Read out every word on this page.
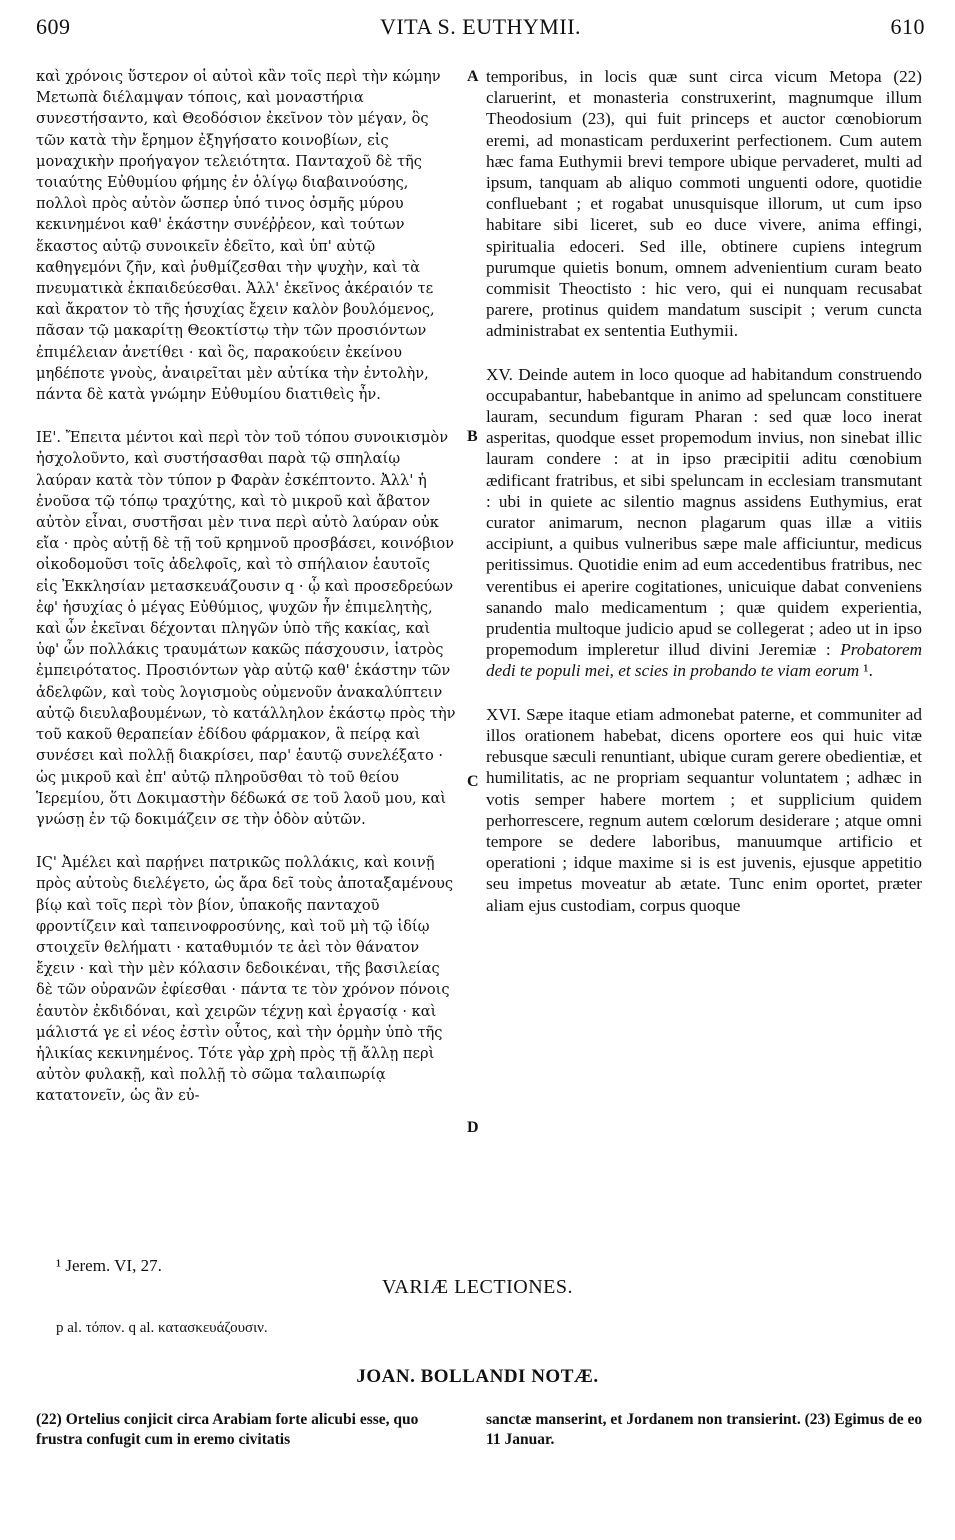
609	VITA S. EUTHYMII.	610

καὶ χρόνοις ὕστερον οἱ αὐτοὶ κἂν τοῖς περὶ τὴν κώμην Μετωπὰ διέλαμψαν τόποις, καὶ μοναστήρια συνεστήσαντο, καὶ Θεοδόσιον ἐκεῖνον τὸν μέγαν, ὃς τῶν κατὰ τὴν ἔρημον ἐξηγήσατο κοινοβίων, εἰς μοναχικὴν προήγαγον τελειότητα. Πανταχοῦ δὲ τῆς τοιαύτης Εὐθυμίου φήμης ἐν ὀλίγῳ διαβαινούσης, πολλοὶ πρὸς αὐτὸν ὥσπερ ὑπό τινος ὀσμῆς μύρου κεκινημένοι καθ' ἑκάστην συνέῤῥεον, καὶ τούτων ἕκαστος αὐτῷ συνοικεῖν ἐδεῖτο, καὶ ὑπ' αὐτῷ καθηγεμόνι ζῆν, καὶ ῥυθμίζεσθαι τὴν ψυχὴν, καὶ τὰ πνευματικὰ ἐκπαιδεύεσθαι. Ἀλλ' ἐκεῖνος ἀκέραιόν τε καὶ ἄκρατον τὸ τῆς ἡσυχίας ἔχειν καλὸν βουλόμενος, πᾶσαν τῷ μακαρίτῃ Θεοκτίστῳ τὴν τῶν προσιόντων ἐπιμέλειαν ἀνετίθει · καὶ ὃς, παρακούειν ἐκείνου μηδέποτε γνοὺς, ἀναιρεῖται μὲν αὐτίκα τὴν ἐντολὴν, πάντα δὲ κατὰ γνώμην Εὐθυμίου διατιθεὶς ἦν.

ΙΕ'. Ἔπειτα μέντοι καὶ περὶ τὸν τοῦ τόπου συνοικισμὸν ἠσχολοῦντο, καὶ συστήσασθαι παρὰ τῷ σπηλαίῳ λαύραν κατὰ τὸν τύπον p Φαρὰν ἐσκέπτοντο. Ἀλλ' ἡ ἐνοῦσα τῷ τόπῳ τραχύτης, καὶ τὸ μικροῦ καὶ ἄβατον αὐτὸν εἶναι, συστῆσαι μὲν τινα περὶ αὐτὸ λαύραν οὐκ εἴα · πρὸς αὐτῇ δὲ τῇ τοῦ κρημνοῦ προσβάσει, κοινόβιον οἰκοδομοῦσι τοῖς ἀδελφοῖς, καὶ τὸ σπήλαιον ἑαυτοῖς εἰς Ἐκκλησίαν μετασκευάζουσιν q · ᾧ καὶ προσεδρεύων ἐφ' ἡσυχίας ὁ μέγας Εὐθύμιος, ψυχῶν ἦν ἐπιμελητὴς, καὶ ὧν ἐκεῖναι δέχονται πληγῶν ὑπὸ τῆς κακίας, καὶ ὑφ' ὧν πολλάκις τραυμάτων κακῶς πάσχουσιν, ἰατρὸς ἐμπειρότατος. Προσιόντων γὰρ αὐτῷ καθ' ἑκάστην τῶν ἀδελφῶν, καὶ τοὺς λογισμοὺς οὐμενοῦν ἀνακαλύπτειν αὐτῷ διευλαβουμένων, τὸ κατάλληλον ἑκάστῳ πρὸς τὴν τοῦ κακοῦ θεραπείαν ἐδίδου φάρμακον, ἃ πείρᾳ καὶ συνέσει καὶ πολλῇ διακρίσει, παρ' ἑαυτῷ συνελέξατο · ὡς μικροῦ καὶ ἐπ' αὐτῷ πληροῦσθαι τὸ τοῦ θείου Ἱερεμίου, ὅτι Δοκιμαστὴν δέδωκά σε τοῦ λαοῦ μου, καὶ γνώσῃ ἐν τῷ δοκιμάζειν σε τὴν ὁδὸν αὐτῶν.

ΙϚ' Ἀμέλει καὶ παρῄνει πατρικῶς πολλάκις, καὶ κοινῇ πρὸς αὐτοὺς διελέγετο, ὡς ἄρα δεῖ τοὺς ἀποταξαμένους βίῳ καὶ τοῖς περὶ τὸν βίον, ὑπακοῆς πανταχοῦ φροντίζειν καὶ ταπεινοφροσύνης, καὶ τοῦ μὴ τῷ ἰδίῳ στοιχεῖν θελήματι · καταθυμιόν τε ἀεὶ τὸν θάνατον ἔχειν · καὶ τὴν μὲν κόλασιν δεδοικέναι, τῆς βασιλείας δὲ τῶν οὐρανῶν ἐφίεσθαι · πάντα τε τὸν χρόνον πόνοις ἑαυτὸν ἐκδιδόναι, καὶ χειρῶν τέχνῃ καὶ ἐργασίᾳ · καὶ μάλιστά γε εἰ νέος ἐστὶν οὗτος, καὶ τὴν ὁρμὴν ὑπὸ τῆς ἡλικίας κεκινημένος. Τότε γὰρ χρὴ πρὸς τῇ ἄλλῃ περὶ αὐτὸν φυλακῇ, καὶ πολλῇ τὸ σῶμα ταλαιπωρίᾳ κατατονεῖν, ὡς ἂν εὐ-

A
B
C
D

temporibus, in locis quæ sunt circa vicum Metopa (22) claruerint, et monasteria construxerint, magnumque illum Theodosium (23), qui fuit princeps et auctor cœnobiorum eremi, ad monasticam perduxerint perfectionem. Cum autem hæc fama Euthymii brevi tempore ubique pervaderet, multi ad ipsum, tanquam ab aliquo commoti unguenti odore, quotidie confluebant ; et rogabat unusquisque illorum, ut cum ipso habitare sibi liceret, sub eo duce vivere, anima effingi, spiritualia edoceri. Sed ille, obtinere cupiens integrum purumque quietis bonum, omnem advenientium curam beato commisit Theoctisto : hic vero, qui ei nunquam recusabat parere, protinus quidem mandatum suscipit ; verum cuncta administrabat ex sententia Euthymii.

XV. Deinde autem in loco quoque ad habitandum construendo occupabantur, habebantque in animo ad speluncam constituere lauram, secundum figuram Pharan : sed quæ loco inerat asperitas, quodque esset propemodum invius, non sinebat illic lauram condere : at in ipso præcipitii aditu cœnobium ædificant fratribus, et sibi speluncam in ecclesiam transmutant : ubi in quiete ac silentio magnus assidens Euthymius, erat curator animarum, necnon plagarum quas illæ a vitiis accipiunt, a quibus vulneribus sæpe male afficiuntur, medicus peritissimus. Quotidie enim ad eum accedentibus fratribus, nec verentibus ei aperire cogitationes, unicuique dabat conveniens sanando malo medicamentum ; quæ quidem experientia, prudentia multoque judicio apud se collegerat ; adeo ut in ipso propemodum impleretur illud divini Jeremiæ : Probatorem dedi te populi mei, et scies in probando te viam eorum ¹.

XVI. Sæpe itaque etiam admonebat paterne, et communiter ad illos orationem habebat, dicens oportere eos qui huic vitæ rebusque sæculi renuntiant, ubique curam gerere obedientiæ, et humilitatis, ac ne propriam sequantur voluntatem ; adhæc in votis semper habere mortem ; et supplicium quidem perhorrescere, regnum autem cœlorum desiderare ; atque omni tempore se dedere laboribus, manuumque artificio et operationi ; idque maxime si is est juvenis, ejusque appetitio seu impetus moveatur ab ætate. Tunc enim oportet, præter aliam ejus custodiam, corpus quoque

¹ Jerem. VI, 27.
VARIÆ LECTIONES.
p al. τόπον. q al. κατασκευάζουσιν.
JOAN. BOLLANDI NOTÆ.
(22) Ortelius conjicit circa Arabiam forte alicubi esse, quo frustra confugit cum in eremo civitatis
sanctæ manserint, et Jordanem non transierint. (23) Egimus de eo 11 Januar.
